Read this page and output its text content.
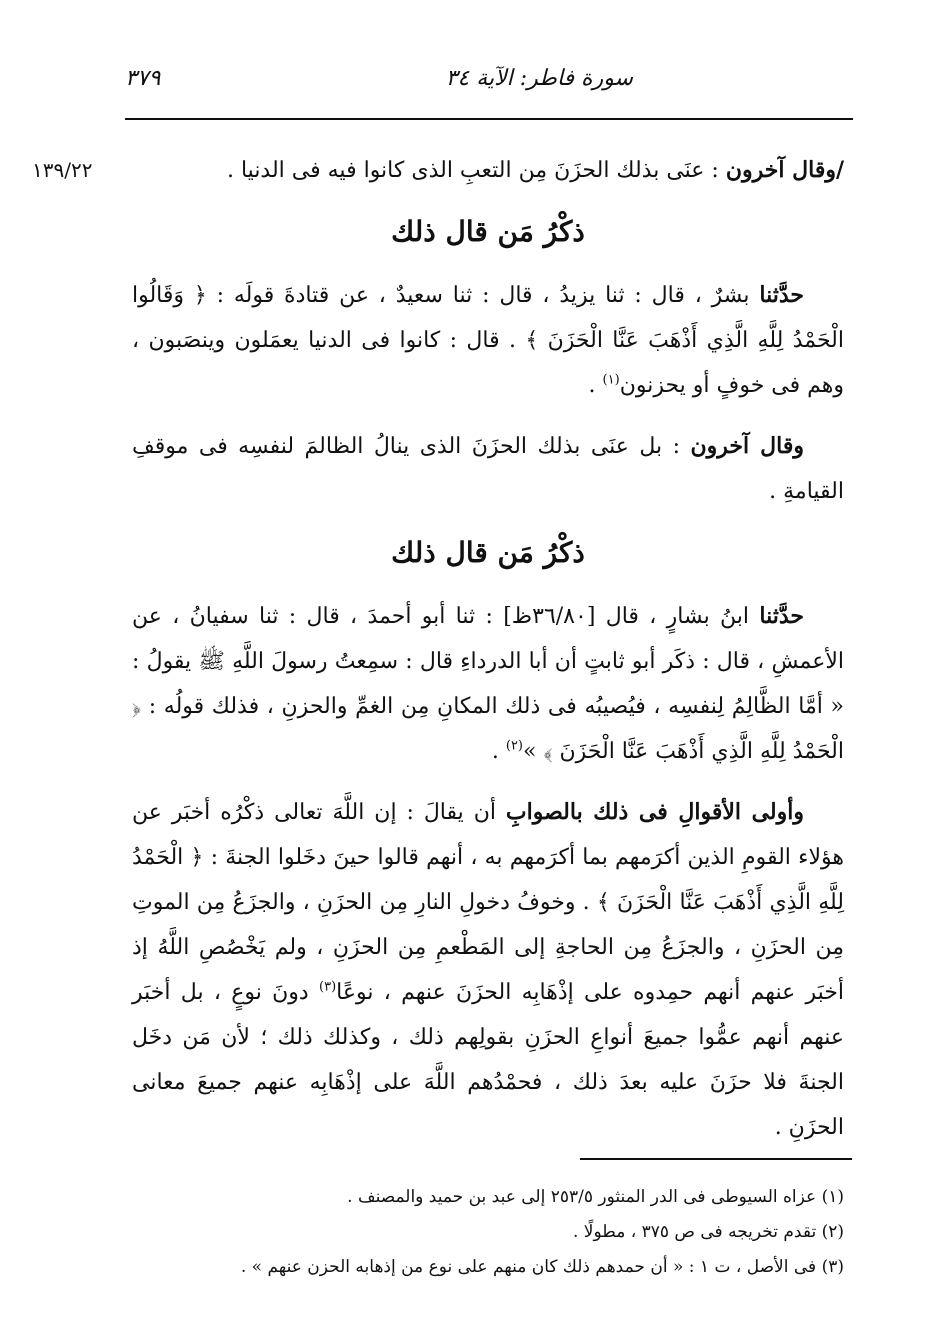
سورة فاطر: الآية ٣٤
٣٧٩
١٣٩/٢٢	/وقال آخرون : عنَى بذلك الحزَنَ مِن التعبِ الذى كانوا فيه فى الدنيا .

ذكْرُ مَن قال ذلك

حدَّثنا بشرٌ ، قال : ثنا يزيدُ ، قال : ثنا سعيدٌ ، عن قتادةَ قولَه : ﴿ وَقَالُوا الْحَمْدُ لِلَّهِ الَّذِي أَذْهَبَ عَنَّا الْحَزَنَ ﴾ . قال : كانوا فى الدنيا يعمَلون وينصَبون ، وهم فى خوفٍ أو يحزنون$^{(١)}$ .

وقال آخرون : بل عنَى بذلك الحزَنَ الذى ينالُ الظالمَ لنفسِه فى موقفِ القيامةِ .

ذكْرُ مَن قال ذلك

حدَّثنا ابنُ بشارٍ ، قال [٣٦/٨٠ظ] : ثنا أبو أحمدَ ، قال : ثنا سفيانُ ، عن الأعمشِ ، قال : ذكَر أبو ثابتٍ أن أبا الدرداءِ قال : سمِعتُ رسولَ اللَّهِ ﷺ يقولُ : « أمَّا الظَّالِمُ لِنفسِه ، فيُصيبُه فى ذلك المكانِ مِن الغمِّ والحزنِ ، فذلك قولُه : ﴿ الْحَمْدُ لِلَّهِ الَّذِي أَذْهَبَ عَنَّا الْحَزَنَ ﴾ »$^{(٢)}$ .

وأولى الأقوالِ فى ذلك بالصوابِ أن يقالَ : إن اللَّهَ تعالى ذكْرُه أخبَر عن هؤلاء القومِ الذين أكرَمهم بما أكرَمهم به ، أنهم قالوا حينَ دخَلوا الجنةَ : ﴿ الْحَمْدُ لِلَّهِ الَّذِي أَذْهَبَ عَنَّا الْحَزَنَ ﴾ . وخوفُ دخولِ النارِ مِن الحزَنِ ، والجزَعُ مِن الموتِ مِن الحزَنِ ، والجزَعُ مِن الحاجةِ إلى المَطْعمِ مِن الحزَنِ ، ولم يَخْصُصِ اللَّهُ إذ أخبَر عنهم أنهم حمِدوه على إذْهَابِه الحزَنَ عنهم ، نوعًا$^{(٣)}$ دونَ نوعٍ ، بل أخبَر عنهم أنهم عمُّوا جميعَ أنواعِ الحزَنِ بقولِهم ذلك ، وكذلك ذلك ؛ لأن مَن دخَل الجنةَ فلا حزَنَ عليه بعدَ ذلك ، فحمْدُهم اللَّهَ على إذْهَابِه عنهم جميعَ معانى الحزَنِ .

(١) عزاه السيوطى فى الدر المنثور ٢٥٣/٥ إلى عبد بن حميد والمصنف .

(٢) تقدم تخريجه فى ص ٣٧٥ ، مطولًا .

(٣) فى الأصل ، ت ١ : « أن حمدهم ذلك كان منهم على نوع من إذهابه الحزن عنهم » .
